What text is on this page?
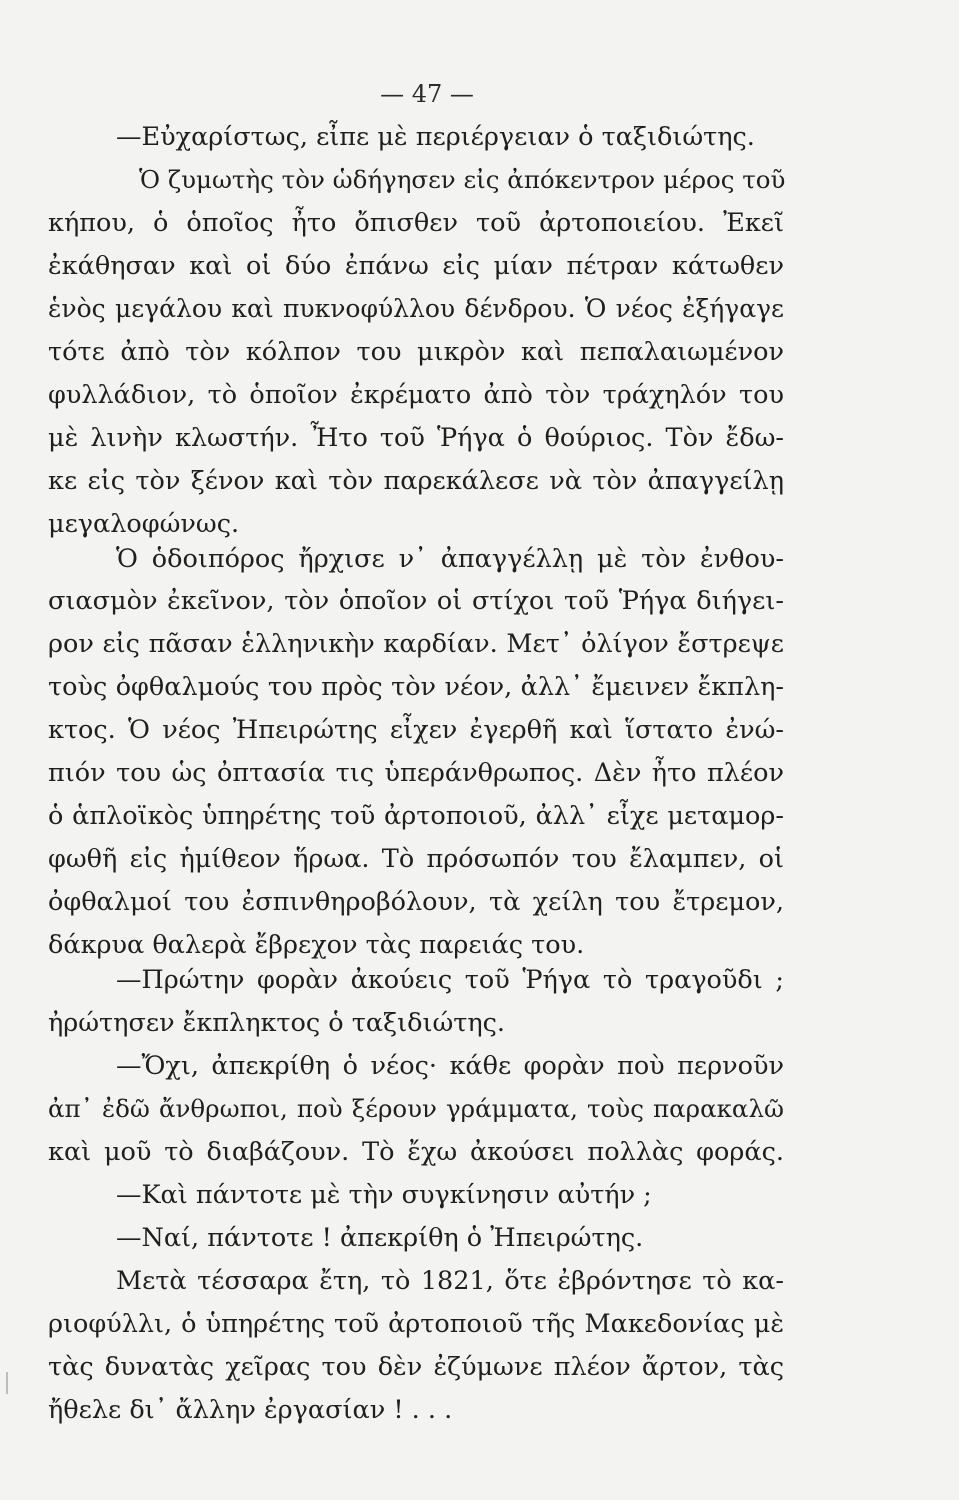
— 47 —
—Εὐχαρίστως, εἶπε μὲ περιέργειαν ὁ ταξιδιώτης.
Ὁ ζυμωτὴς τὸν ὡδήγησεν εἰς ἀπόκεντρον μέρος τοῦ
κήπου, ὁ ὁποῖος ἦτο ὄπισθεν τοῦ ἀρτοποιείου. Ἐκεῖ
ἐκάθησαν καὶ οἱ δύο ἐπάνω εἰς μίαν πέτραν κάτωθεν
ἑνὸς μεγάλου καὶ πυκνοφύλλου δένδρου. Ὁ νέος ἐξήγαγε
τότε ἀπὸ τὸν κόλπον του μικρὸν καὶ πεπαλαιωμένον
φυλλάδιον, τὸ ὁποῖον ἐκρέματο ἀπὸ τὸν τράχηλόν του
μὲ λινὴν κλωστήν. Ἦτο τοῦ Ῥήγα ὁ θούριος. Τὸν ἔδω-
κε εἰς τὸν ξένον καὶ τὸν παρεκάλεσε νὰ τὸν ἀπαγγείλῃ
μεγαλοφώνως.
Ὁ ὁδοιπόρος ἤρχισε ν᾽ ἀπαγγέλλῃ μὲ τὸν ἐνθου-
σιασμὸν ἐκεῖνον, τὸν ὁποῖον οἱ στίχοι τοῦ Ῥήγα διήγει-
ρον εἰς πᾶσαν ἑλληνικὴν καρδίαν. Μετ᾽ ὀλίγον ἔστρεψε
τοὺς ὀφθαλμούς του πρὸς τὸν νέον, ἀλλ᾽ ἔμεινεν ἔκπλη-
κτος. Ὁ νέος Ἠπειρώτης εἶχεν ἐγερθῆ καὶ ἵστατο ἐνώ-
πιόν του ὡς ὀπτασία τις ὑπεράνθρωπος. Δὲν ἦτο πλέον
ὁ ἁπλοϊκὸς ὑπηρέτης τοῦ ἀρτοποιοῦ, ἀλλ᾽ εἶχε μεταμορ-
φωθῆ εἰς ἡμίθεον ἥρωα. Τὸ πρόσωπόν του ἔλαμπεν, οἱ
ὀφθαλμοί του ἐσπινθηροβόλουν, τὰ χείλη του ἔτρεμον,
δάκρυα θαλερὰ ἔβρεχον τὰς παρειάς του.
—Πρώτην φορὰν ἀκούεις τοῦ Ῥήγα τὸ τραγοῦδι ;
ἠρώτησεν ἔκπληκτος ὁ ταξιδιώτης.
—Ὄχι, ἀπεκρίθη ὁ νέος· κάθε φορὰν ποὺ περνοῦν
ἀπ᾽ ἐδῶ ἄνθρωποι, ποὺ ξέρουν γράμματα, τοὺς παρακαλῶ
καὶ μοῦ τὸ διαβάζουν. Τὸ ἔχω ἀκούσει πολλὰς φοράς.
—Καὶ πάντοτε μὲ τὴν συγκίνησιν αὐτήν ;
—Ναί, πάντοτε ! ἀπεκρίθη ὁ Ἠπειρώτης.
Μετὰ τέσσαρα ἔτη, τὸ 1821, ὅτε ἐβρόντησε τὸ κα-
ριοφύλλι, ὁ ὑπηρέτης τοῦ ἀρτοποιοῦ τῆς Μακεδονίας μὲ
τὰς δυνατὰς χεῖρας του δὲν ἐζύμωνε πλέον ἄρτον, τὰς
ἤθελε δι᾽ ἄλλην ἐργασίαν ! . . .
